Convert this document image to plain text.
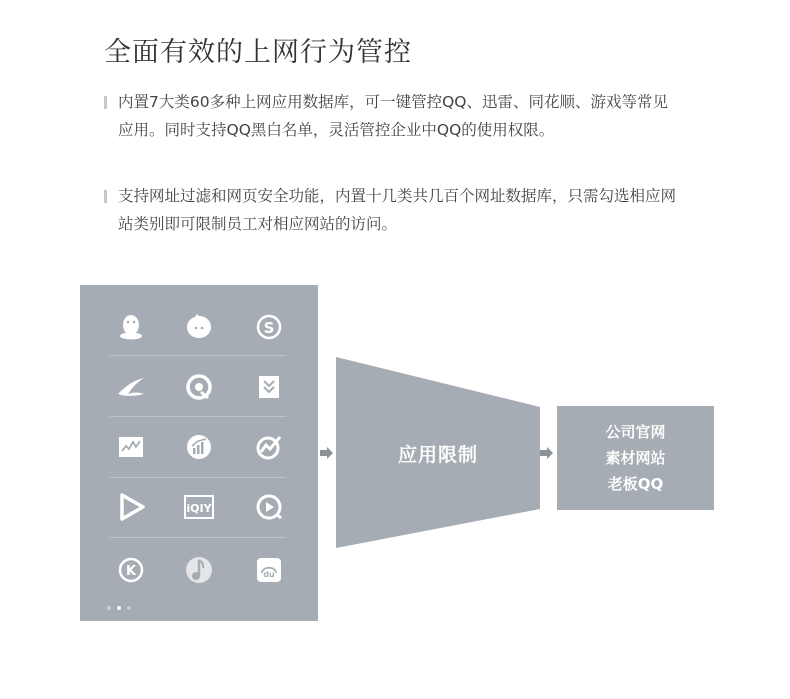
全面有效的上网行为管控
内置7大类60多种上网应用数据库，可一键管控QQ、迅雷、同花顺、游戏等常见应用。同时支持QQ黑白名单，灵活管控企业中QQ的使用权限。
支持网址过滤和网页安全功能，内置十几类共几百个网址数据库，只需勾选相应网站类别即可限制员工对相应网站的访问。
S
iQIY
K	du
应用限制
公司官网
素材网站
老板QQ
